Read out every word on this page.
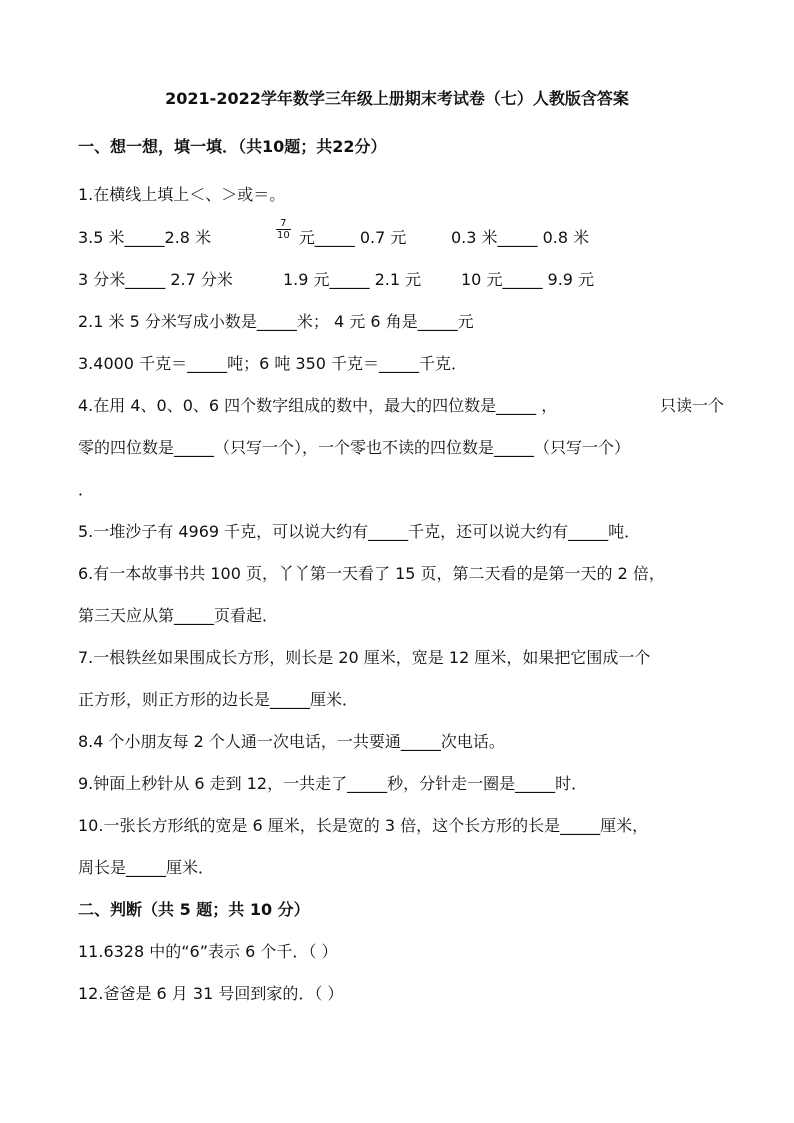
2021-2022学年数学三年级上册期末考试卷（七）人教版含答案
一、想一想，填一填．（共10题；共22分）
1.在横线上填上＜、＞或＝。
3.5 米_____2.8 米	$\frac{7}{10}$ 元_____ 0.7 元	0.3 米_____ 0.8 米
3 分米_____ 2.7 分米	1.9 元_____ 2.1 元 10 元_____ 9.9 元
2.1 米 5 分米写成小数是_____米； 4 元 6 角是_____元
3.4000 千克＝_____吨；6 吨 350 千克＝_____千克．
4.在用 4、0、0、6 四个数字组成的数中，最大的四位数是_____ ，	只读一个
零的四位数是_____（只写一个），一个零也不读的四位数是_____（只写一个）
．
5.一堆沙子有 4969 千克，可以说大约有_____千克，还可以说大约有_____吨．
6.有一本故事书共 100 页，丫丫第一天看了 15 页，第二天看的是第一天的 2 倍，
第三天应从第_____页看起．
7.一根铁丝如果围成长方形，则长是 20 厘米，宽是 12 厘米，如果把它围成一个
正方形，则正方形的边长是_____厘米．
8.4 个小朋友每 2 个人通一次电话，一共要通_____次电话。
9.钟面上秒针从 6 走到 12，一共走了_____秒，分针走一圈是_____时．
10.一张长方形纸的宽是 6 厘米，长是宽的 3 倍，这个长方形的长是_____厘米，
周长是_____厘米．
二、判断（共 5 题；共 10 分）
11.6328 中的“6”表示 6 个千．（ ）
12.爸爸是 6 月 31 号回到家的．（ ）
